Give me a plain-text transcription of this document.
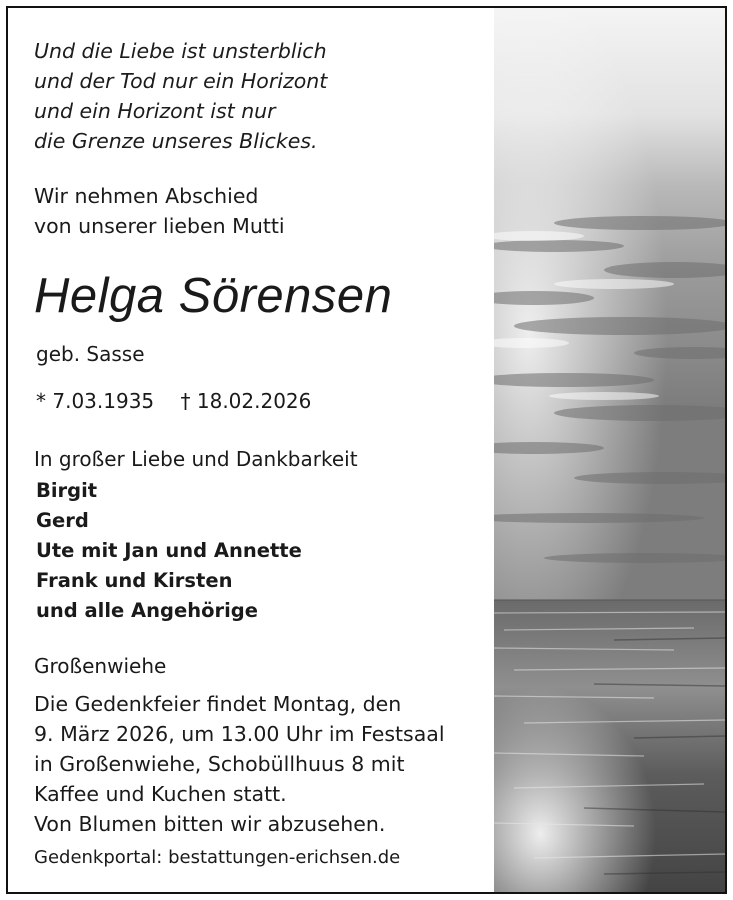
Und die Liebe ist unsterblich
und der Tod nur ein Horizont
und ein Horizont ist nur
die Grenze unseres Blickes.
Wir nehmen Abschied
von unserer lieben Mutti
Helga Sörensen
geb. Sasse
* 7.03.1935 † 18.02.2026
In großer Liebe und Dankbarkeit
Birgit
Gerd
Ute mit Jan und Annette
Frank und Kirsten
und alle Angehörige
Großenwiehe
Die Gedenkfeier findet Montag, den
9. März 2026, um 13.00 Uhr im Festsaal
in Großenwiehe, Schobüllhuus 8 mit
Kaffee und Kuchen statt.
Von Blumen bitten wir abzusehen.
Gedenkportal: bestattungen-erichsen.de
